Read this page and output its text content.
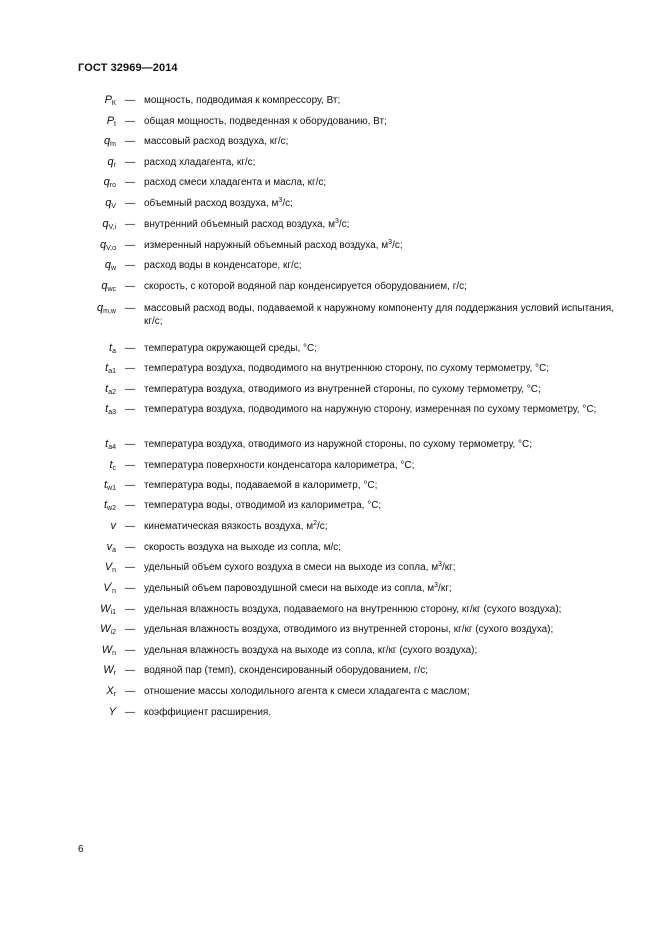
ГОСТ 32969—2014
$P_К$ — мощность, подводимая к компрессору, Вт;
$P_t$ — общая мощность, подведенная к оборудованию, Вт;
$q_m$ — массовый расход воздуха, кг/с;
$q_r$ — расход хладагента, кг/с;
$q_{ro}$ — расход смеси хладагента и масла, кг/с;
$q_V$ — объемный расход воздуха, $м^3/с$;
$q_{V,i}$ — внутренний объемный расход воздуха, $м^3/с$;
$q_{V,o}$ — измеренный наружный объемный расход воздуха, $м^3/с$;
$q_w$ — расход воды в конденсаторе, кг/с;
$q_{wc}$ — скорость, с которой водяной пар конденсируется оборудованием, г/с;
$q_{m,w}$ — массовый расход воды, подаваемой к наружному компоненту для поддержания условий испытания, кг/с;
$t_a$ — температура окружающей среды, °С;
$t_{a1}$ — температура воздуха, подводимого на внутреннюю сторону, по сухому термометру, °С;
$t_{a2}$ — температура воздуха, отводимого из внутренней стороны, по сухому термометру, °С;
$t_{a3}$ — температура воздуха, подводимого на наружную сторону, измеренная по сухому термометру, °С;
$t_{a4}$ — температура воздуха, отводимого из наружной стороны, по сухому термометру, °С;
$t_c$ — температура поверхности конденсатора калориметра, °С;
$t_{w1}$ — температура воды, подаваемой в калориметр, °С;
$t_{w2}$ — температура воды, отводимой из калориметра, °С;
v — кинематическая вязкость воздуха, $м^2/с$;
$v_a$ — скорость воздуха на выходе из сопла, м/с;
$V_n$ — удельный объем сухого воздуха в смеси на выходе из сопла, $м^3/кг$;
$V'_n$ — удельный объем паровоздушной смеси на выходе из сопла, $м^3/кг$;
$W_{i1}$ — удельная влажность воздуха, подаваемого на внутреннюю сторону, кг/кг (сухого воздуха);
$W_{i2}$ — удельная влажность воздуха, отводимого из внутренней стороны, кг/кг (сухого воздуха);
$W_n$ — удельная влажность воздуха на выходе из сопла, кг/кг (сухого воздуха);
$W_r$ — водяной пар (темп), сконденсированный оборудованием, г/с;
$X_r$ — отношение массы холодильного агента к смеси хладагента с маслом;
Y — коэффициент расширения.
6
